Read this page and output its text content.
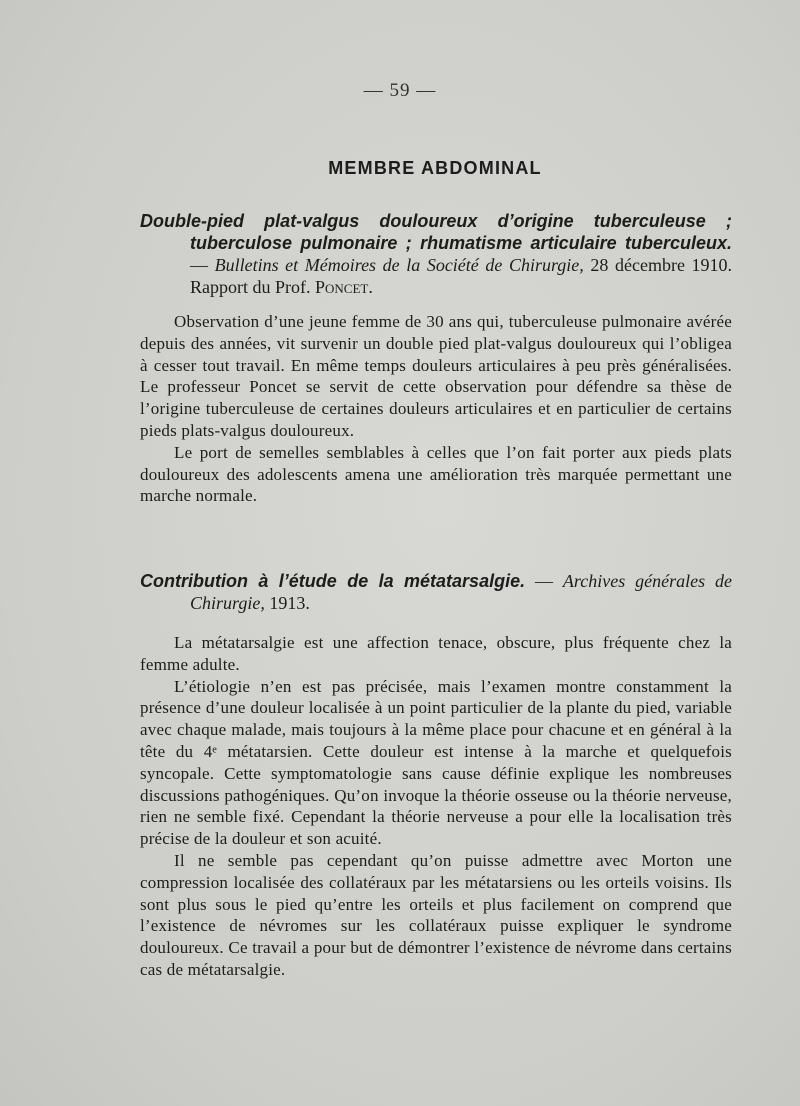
— 59 —
MEMBRE ABDOMINAL
Double-pied plat-valgus douloureux d’origine tuberculeuse ; tuberculose pulmonaire ; rhumatisme articulaire tuberculeux. — Bulletins et Mémoires de la Société de Chirurgie, 28 décembre 1910. Rapport du Prof. Poncet.

Observation d’une jeune femme de 30 ans qui, tuberculeuse pulmonaire avérée depuis des années, vit survenir un double pied plat-valgus douloureux qui l’obligea à cesser tout travail. En même temps douleurs articulaires à peu près généralisées. Le professeur Poncet se servit de cette observation pour défendre sa thèse de l’origine tuberculeuse de certaines douleurs articulaires et en particulier de certains pieds plats-valgus douloureux.

Le port de semelles semblables à celles que l’on fait porter aux pieds plats douloureux des adolescents amena une amélioration très marquée permettant une marche normale.

Contribution à l’étude de la métatarsalgie. — Archives générales de Chirurgie, 1913.

La métatarsalgie est une affection tenace, obscure, plus fréquente chez la femme adulte.

L’étiologie n’en est pas précisée, mais l’examen montre constamment la présence d’une douleur localisée à un point particulier de la plante du pied, variable avec chaque malade, mais toujours à la même place pour chacune et en général à la tête du 4ᵉ métatarsien. Cette douleur est intense à la marche et quelquefois syncopale. Cette symptomatologie sans cause définie explique les nombreuses discussions pathogéniques. Qu’on invoque la théorie osseuse ou la théorie nerveuse, rien ne semble fixé. Cependant la théorie nerveuse a pour elle la localisation très précise de la douleur et son acuité.

Il ne semble pas cependant qu’on puisse admettre avec Morton une compression localisée des collatéraux par les métatarsiens ou les orteils voisins. Ils sont plus sous le pied qu’entre les orteils et plus facilement on comprend que l’existence de névromes sur les collatéraux puisse expliquer le syndrome douloureux. Ce travail a pour but de démontrer l’existence de névrome dans certains cas de métatarsalgie.
